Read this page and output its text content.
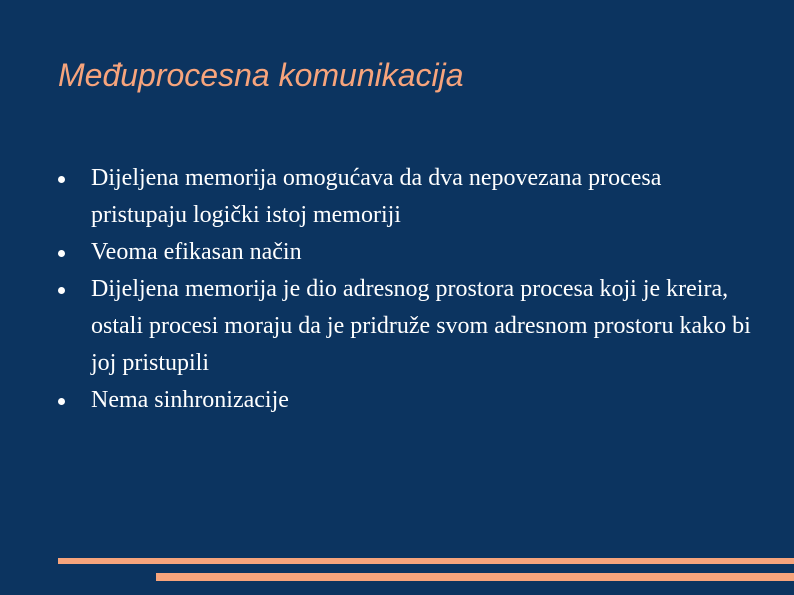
Međuprocesna komunikacija
Dijeljena memorija omogućava da dva nepovezana procesa pristupaju logički istoj memoriji
Veoma efikasan način
Dijeljena memorija je dio adresnog prostora procesa koji je kreira, ostali procesi moraju da je pridruže svom adresnom prostoru kako bi joj pristupili
Nema sinhronizacije
